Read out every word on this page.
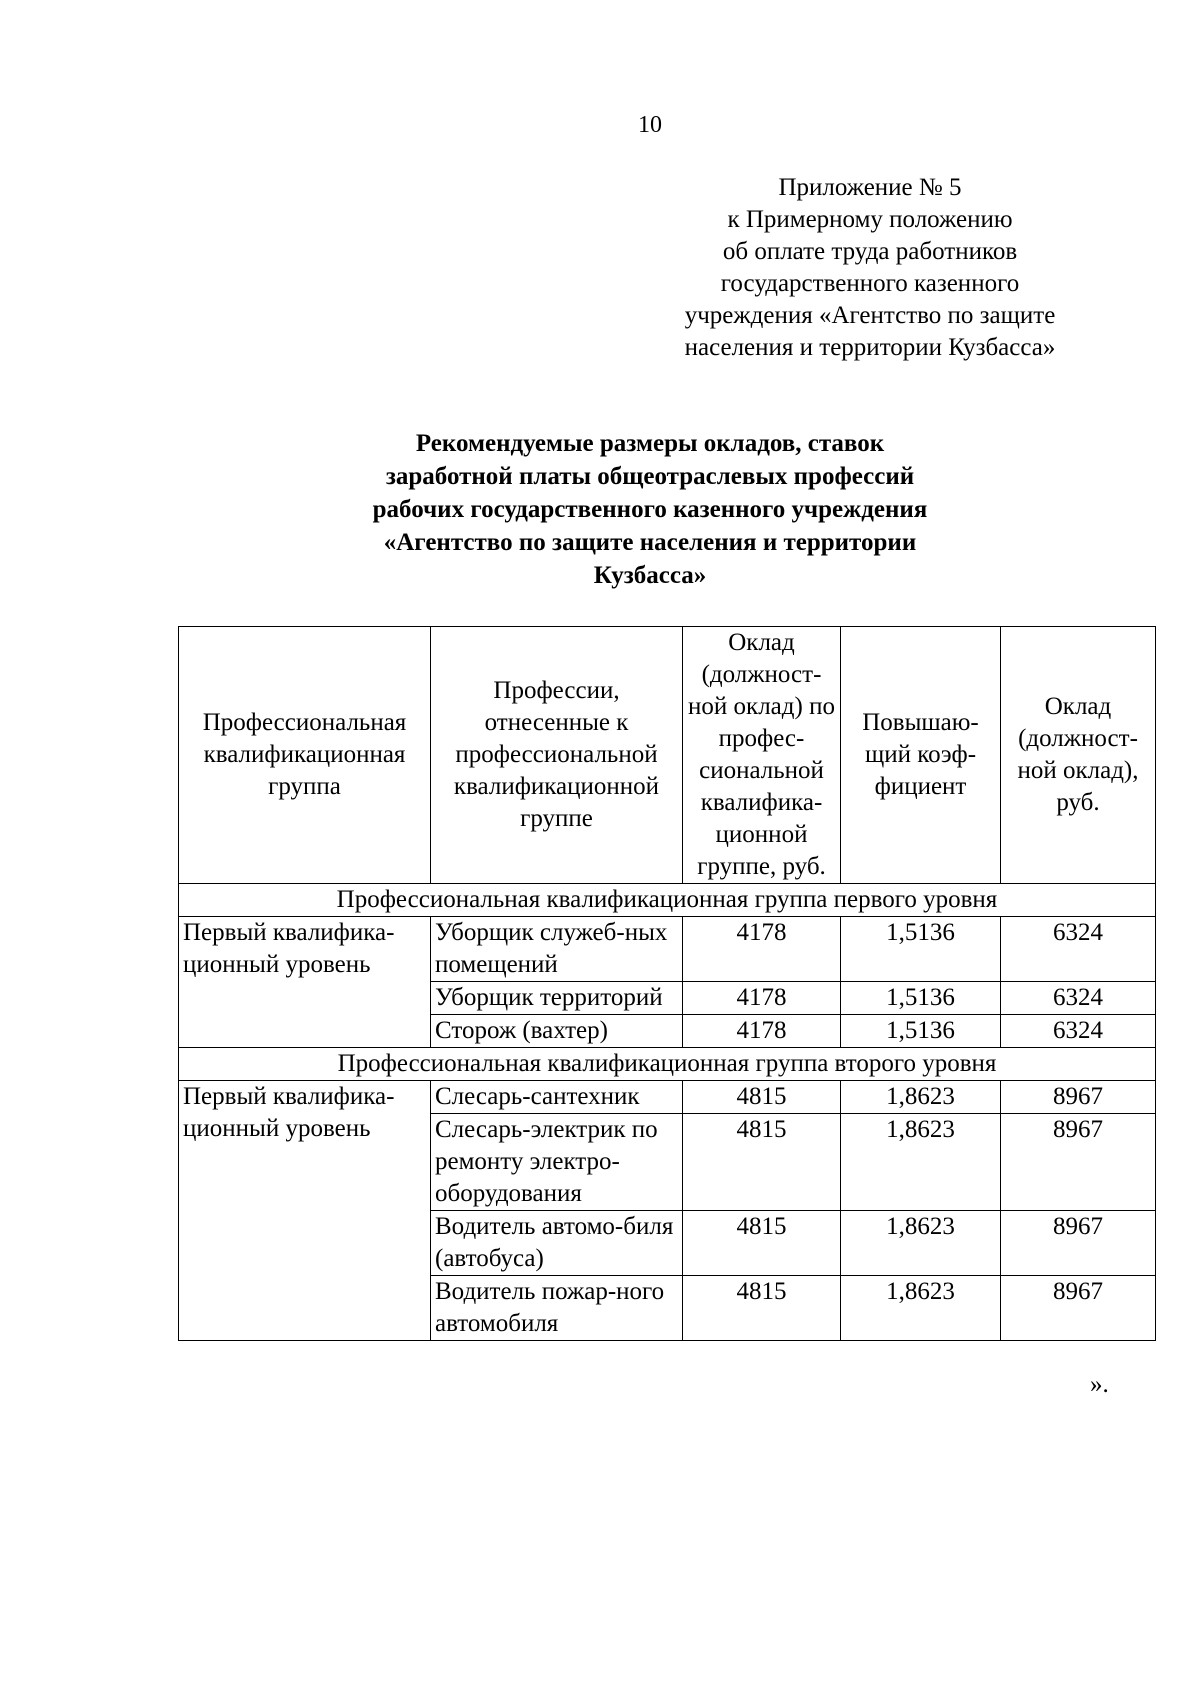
10
Приложение № 5
к Примерному положению
об оплате труда работников
государственного казенного
учреждения «Агентство по защите
населения и территории Кузбасса»
Рекомендуемые размеры окладов, ставок
заработной платы общеотраслевых профессий
рабочих государственного казенного учреждения
«Агентство по защите населения и территории
Кузбасса»
Профессиональная квалификационная группа	Профессии, отнесенные к профессиональной квалификационной группе	Оклад (должност-ной оклад) по профес-сиональной квалифика-ционной группе, руб.	Повышаю-щий коэф-фициент	Оклад (должност-ной оклад), руб.
Профессиональная квалификационная группа первого уровня				
Первый квалифика-ционный уровень	Уборщик служеб-ных помещений	4178	1,5136	6324
	Уборщик территорий	4178	1,5136	6324
	Сторож (вахтер)	4178	1,5136	6324
Профессиональная квалификационная группа второго уровня				
Первый квалифика-ционный уровень	Слесарь-сантехник	4815	1,8623	8967
	Слесарь-электрик по ремонту электро-оборудования	4815	1,8623	8967
	Водитель автомо-биля (автобуса)	4815	1,8623	8967
	Водитель пожар-ного автомобиля	4815	1,8623	8967
».
